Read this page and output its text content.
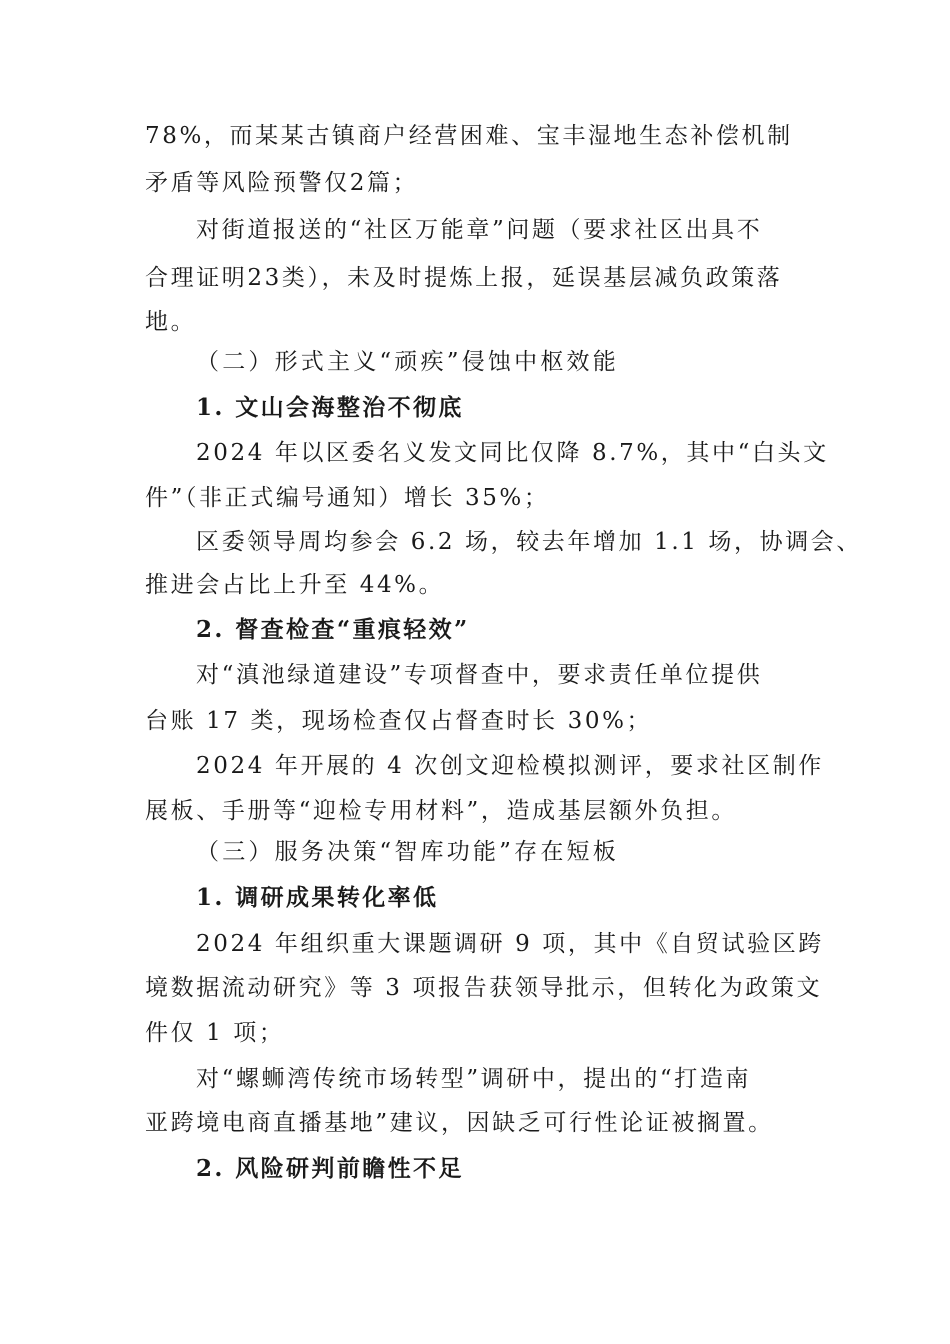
78%，而某某古镇商户经营困难、宝丰湿地生态补偿机制
矛盾等风险预警仅2篇；
对街道报送的“社区万能章”问题（要求社区出具不
合理证明23类），未及时提炼上报，延误基层减负政策落
地。
（二）形式主义“顽疾”侵蚀中枢效能
1. 文山会海整治不彻底
2024 年以区委名义发文同比仅降 8.7%，其中“白头文
件”（非正式编号通知）增长 35%；
区委领导周均参会 6.2 场，较去年增加 1.1 场，协调会、
推进会占比上升至 44%。
2. 督查检查“重痕轻效”
对“滇池绿道建设”专项督查中，要求责任单位提供
台账 17 类，现场检查仅占督查时长 30%；
2024 年开展的 4 次创文迎检模拟测评，要求社区制作
展板、手册等“迎检专用材料”，造成基层额外负担。
（三）服务决策“智库功能”存在短板
1. 调研成果转化率低
2024 年组织重大课题调研 9 项，其中《自贸试验区跨
境数据流动研究》等 3 项报告获领导批示，但转化为政策文
件仅 1 项；
对“螺蛳湾传统市场转型”调研中，提出的“打造南
亚跨境电商直播基地”建议，因缺乏可行性论证被搁置。
2. 风险研判前瞻性不足
